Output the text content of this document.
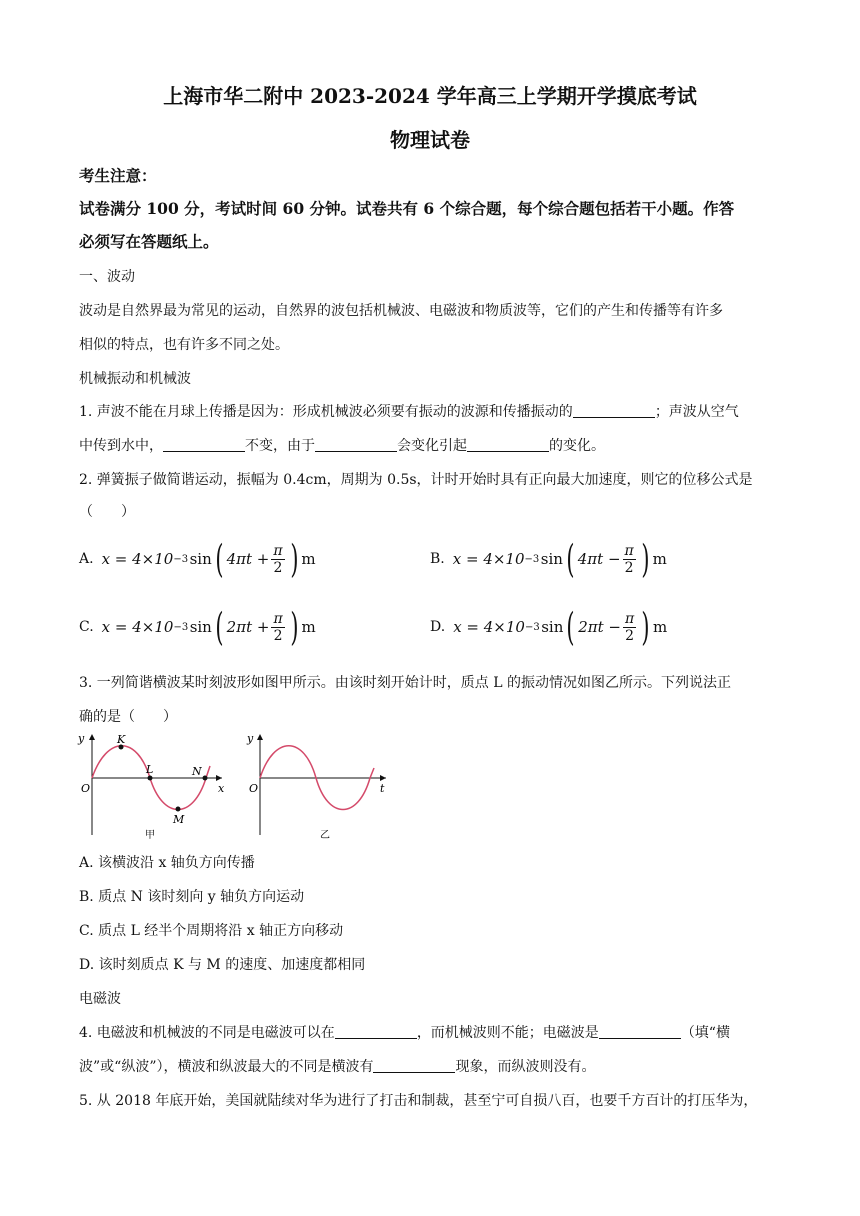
上海市华二附中 2023-2024 学年高三上学期开学摸底考试
物理试卷
考生注意：
试卷满分 100 分，考试时间 60 分钟。试卷共有 6 个综合题，每个综合题包括若干小题。作答
必须写在答题纸上。
一、波动
波动是自然界最为常见的运动，自然界的波包括机械波、电磁波和物质波等，它们的产生和传播等有许多
相似的特点，也有许多不同之处。
机械振动和机械波
1. 声波不能在月球上传播是因为：形成机械波必须要有振动的波源和传播振动的	；声波从空气
中传到水中，	不变，由于	会变化引起	的变化。
2. 弹簧振子做简谐运动，振幅为 0.4cm，周期为 0.5s，计时开始时具有正向最大加速度，则它的位移公式是
（　　）
A. x = 4×10 −3
  sin ( $4\pi t + \frac{\pi}{2}$ ) m	B. x = 4×10 −3
  sin ( $4\pi t - \frac{\pi}{2}$ ) m
C. x = 4×10 −3
  sin ( $2\pi t + \frac{\pi}{2}$ ) m	D. x = 4×10 −3
  sin ( $2\pi t - \frac{\pi}{2}$ ) m
3. 一列简谐横波某时刻波形如图甲所示。由该时刻开始计时，质点 L 的振动情况如图乙所示。下列说法正
确的是（　　）
y
x
O
K
L
M
N
甲
y
t
O
乙
A. 该横波沿 x 轴负方向传播
B. 质点 N 该时刻向 y 轴负方向运动
C. 质点 L 经半个周期将沿 x 轴正方向移动
D. 该时刻质点 K 与 M 的速度、加速度都相同
电磁波
4. 电磁波和机械波的不同是电磁波可以在	，而机械波则不能；电磁波是	（填“横
波”或“纵波”），横波和纵波最大的不同是横波有	现象，而纵波则没有。
5. 从 2018 年底开始，美国就陆续对华为进行了打击和制裁，甚至宁可自损八百，也要千方百计的打压华为，
